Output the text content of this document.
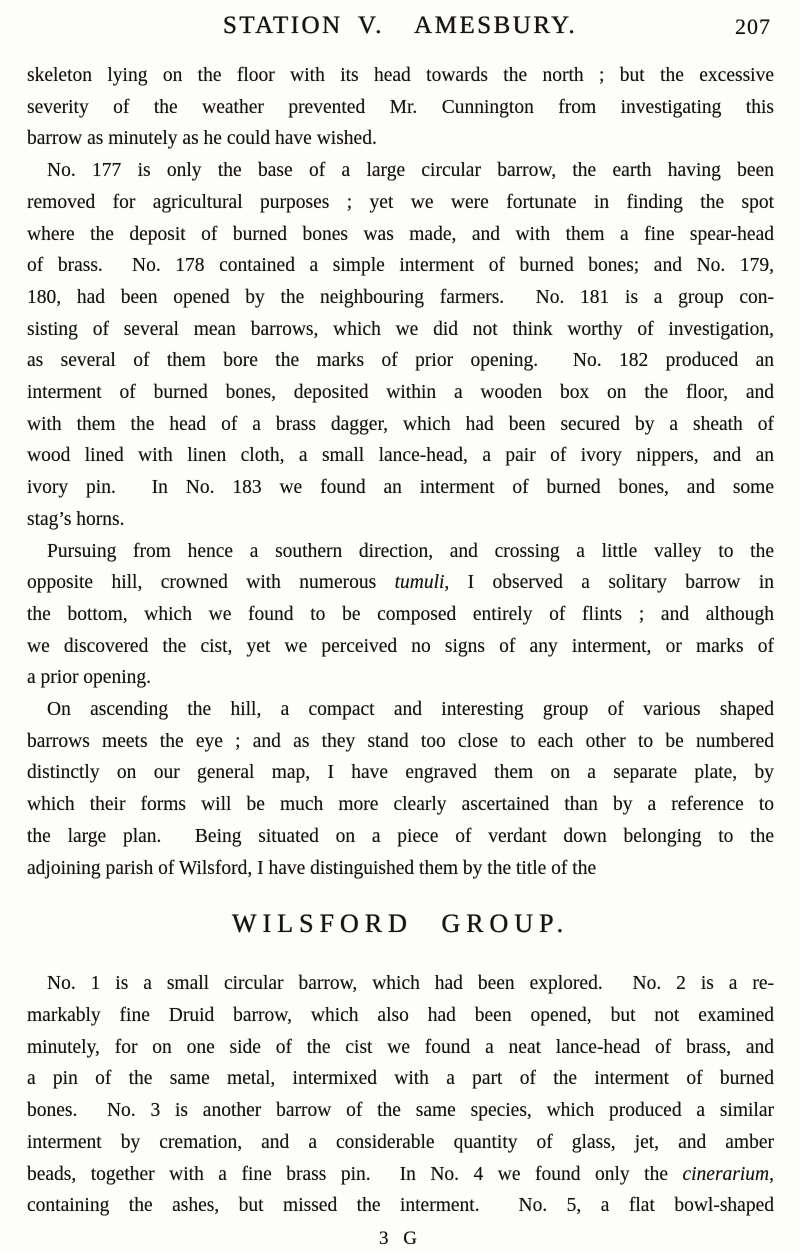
STATION V.  AMESBURY.	207

skeleton lying on the floor with its head towards the north ; but the excessive
severity of the weather prevented Mr. Cunnington from investigating this
barrow as minutely as he could have wished.

No. 177 is only the base of a large circular barrow, the earth having been
removed for agricultural purposes ; yet we were fortunate in finding the spot
where the deposit of burned bones was made, and with them a fine spear-head
of brass.  No. 178 contained a simple interment of burned bones; and No. 179,
180, had been opened by the neighbouring farmers.  No. 181 is a group con-
sisting of several mean barrows, which we did not think worthy of investigation,
as several of them bore the marks of prior opening.  No. 182 produced an
interment of burned bones, deposited within a wooden box on the floor, and
with them the head of a brass dagger, which had been secured by a sheath of
wood lined with linen cloth, a small lance-head, a pair of ivory nippers, and an
ivory pin.  In No. 183 we found an interment of burned bones, and some
stag’s horns.

Pursuing from hence a southern direction, and crossing a little valley to the
opposite hill, crowned with numerous tumuli, I observed a solitary barrow in
the bottom, which we found to be composed entirely of flints ; and although
we discovered the cist, yet we perceived no signs of any interment, or marks of
a prior opening.

On ascending the hill, a compact and interesting group of various shaped
barrows meets the eye ; and as they stand too close to each other to be numbered
distinctly on our general map, I have engraved them on a separate plate, by
which their forms will be much more clearly ascertained than by a reference to
the large plan.  Being situated on a piece of verdant down belonging to the
adjoining parish of Wilsford, I have distinguished them by the title of the

WILSFORD GROUP.

No. 1 is a small circular barrow, which had been explored.  No. 2 is a re-
markably fine Druid barrow, which also had been opened, but not examined
minutely, for on one side of the cist we found a neat lance-head of brass, and
a pin of the same metal, intermixed with a part of the interment of burned
bones.  No. 3 is another barrow of the same species, which produced a similar
interment by cremation, and a considerable quantity of glass, jet, and amber
beads, together with a fine brass pin.  In No. 4 we found only the cinerarium,
containing the ashes, but missed the interment.  No. 5, a flat bowl-shaped

3 G
